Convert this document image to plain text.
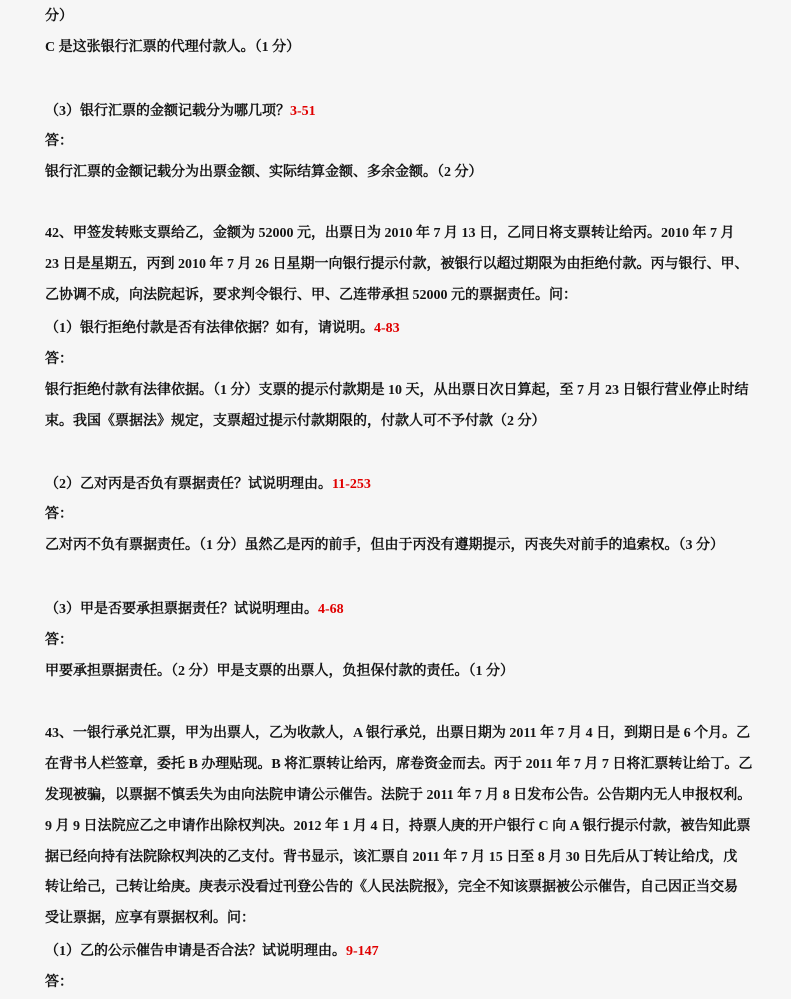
分）

C 是这张银行汇票的代理付款人。（1 分）

（3）银行汇票的金额记载分为哪几项？3-51

答：

银行汇票的金额记载分为出票金额、实际结算金额、多余金额。（2 分）

42、甲签发转账支票给乙，金额为 52000 元，出票日为 2010 年 7 月 13 日，乙同日将支票转让给丙。2010 年 7 月

23 日是星期五，丙到 2010 年 7 月 26 日星期一向银行提示付款，被银行以超过期限为由拒绝付款。丙与银行、甲、

乙协调不成，向法院起诉，要求判令银行、甲、乙连带承担 52000 元的票据责任。问：

（1）银行拒绝付款是否有法律依据？如有，请说明。4-83

答：

银行拒绝付款有法律依据。（1 分）支票的提示付款期是 10 天，从出票日次日算起，至 7 月 23 日银行营业停止时结

束。我国《票据法》规定，支票超过提示付款期限的，付款人可不予付款（2 分）

（2）乙对丙是否负有票据责任？试说明理由。11-253

答：

乙对丙不负有票据责任。（1 分）虽然乙是丙的前手，但由于丙没有遵期提示，丙丧失对前手的追索权。（3 分）

（3）甲是否要承担票据责任？试说明理由。4-68

答：

甲要承担票据责任。（2 分）甲是支票的出票人，负担保付款的责任。（1 分）

43、一银行承兑汇票，甲为出票人，乙为收款人，A 银行承兑，出票日期为 2011 年 7 月 4 日，到期日是 6 个月。乙

在背书人栏签章，委托 B 办理贴现。B 将汇票转让给丙，席卷资金而去。丙于 2011 年 7 月 7 日将汇票转让给丁。乙

发现被骗，以票据不慎丢失为由向法院申请公示催告。法院于 2011 年 7 月 8 日发布公告。公告期内无人申报权利。

9 月 9 日法院应乙之申请作出除权判决。2012 年 1 月 4 日，持票人庚的开户银行 C 向 A 银行提示付款，被告知此票

据已经向持有法院除权判决的乙支付。背书显示，该汇票自 2011 年 7 月 15 日至 8 月 30 日先后从丁转让给戊，戊

转让给己，己转让给庚。庚表示没看过刊登公告的《人民法院报》，完全不知该票据被公示催告，自己因正当交易

受让票据，应享有票据权利。问：

（1）乙的公示催告申请是否合法？试说明理由。9-147

答：
